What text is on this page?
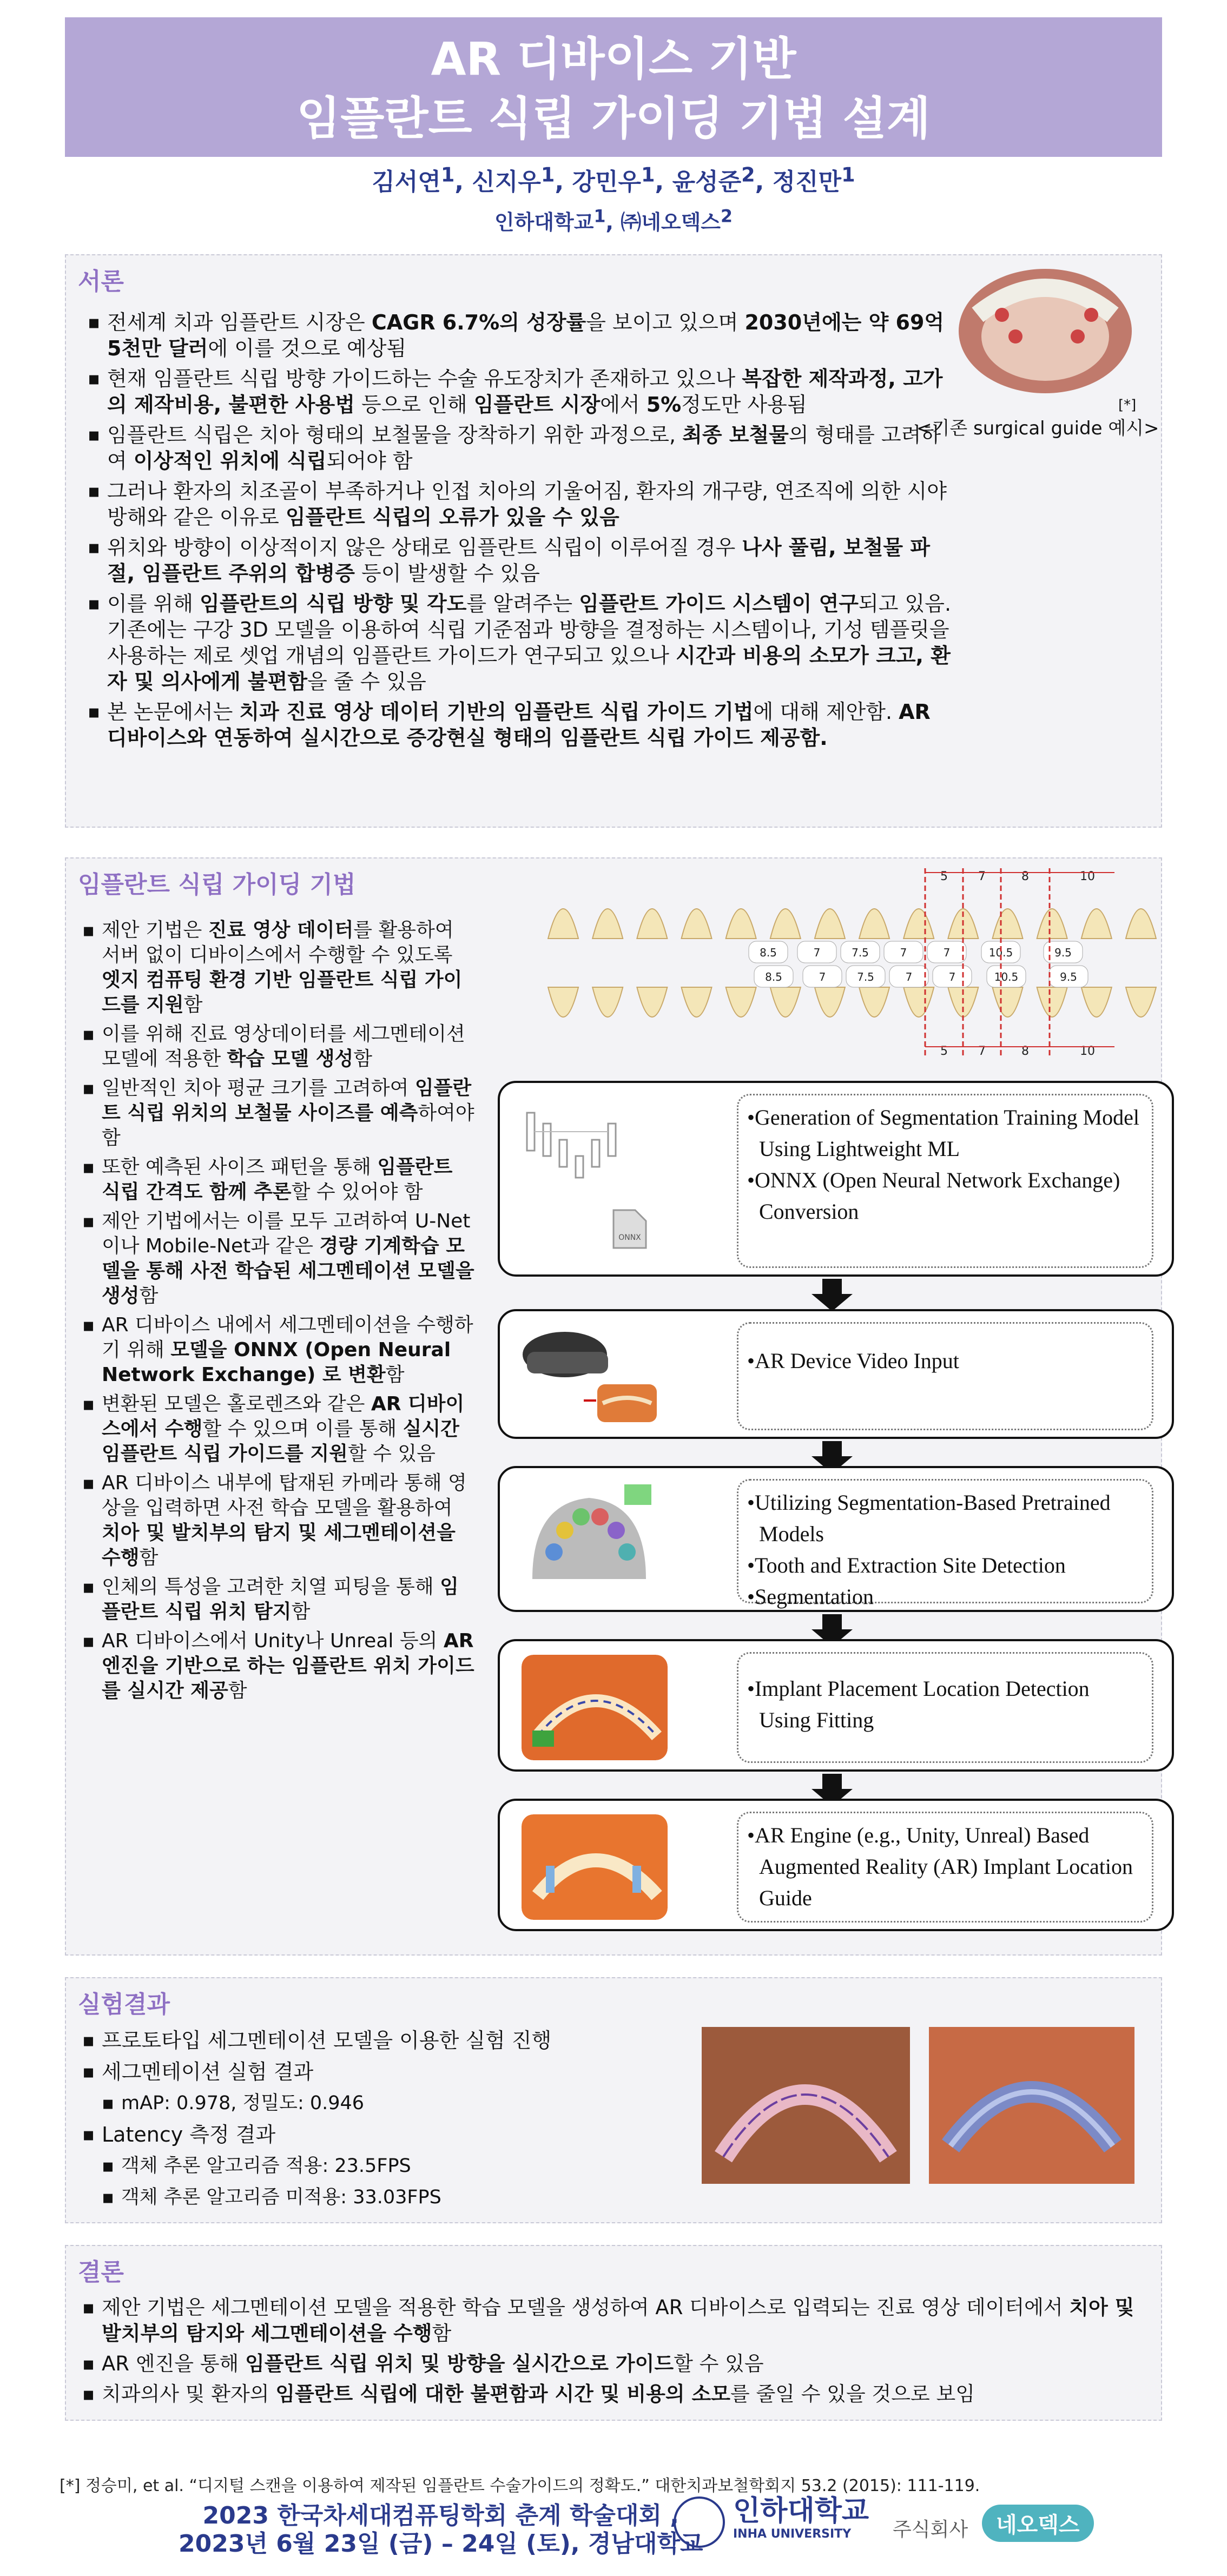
AR 디바이스 기반
임플란트 식립 가이딩 기법 설계
김서연$^1$, 신지우$^1$, 강민우$^1$, 윤성준$^2$, 정진만$^1$
인하대학교$^1$, ㈜네오덱스$^2$
서론
▪ 전세계 치과 임플란트 시장은 CAGR 6.7%의 성장률을 보이고 있으며 2030년에는 약 69억 5천만 달러에 이를 것으로 예상됨
▪ 현재 임플란트 식립 방향 가이드하는 수술 유도장치가 존재하고 있으나 복잡한 제작과정, 고가의 제작비용, 불편한 사용법 등으로 인해 임플란트 시장에서 5%정도만 사용됨
▪ 임플란트 식립은 치아 형태의 보철물을 장착하기 위한 과정으로, 최종 보철물의 형태를 고려하여 이상적인 위치에 식립되어야 함
▪ 그러나 환자의 치조골이 부족하거나 인접 치아의 기울어짐, 환자의 개구량, 연조직에 의한 시야 방해와 같은 이유로 임플란트 식립의 오류가 있을 수 있음
▪ 위치와 방향이 이상적이지 않은 상태로 임플란트 식립이 이루어질 경우 나사 풀림, 보철물 파절, 임플란트 주위의 합병증 등이 발생할 수 있음
▪ 이를 위해 임플란트의 식립 방향 및 각도를 알려주는 임플란트 가이드 시스템이 연구되고 있음. 기존에는 구강 3D 모델을 이용하여 식립 기준점과 방향을 결정하는 시스템이나, 기성 템플릿을 사용하는 제로 셋업 개념의 임플란트 가이드가 연구되고 있으나 시간과 비용의 소모가 크고, 환자 및 의사에게 불편함을 줄 수 있음
▪ 본 논문에서는 치과 진료 영상 데이터 기반의 임플란트 식립 가이드 기법에 대해 제안함. AR 디바이스와 연동하여 실시간으로 증강현실 형태의 임플란트 식립 가이드 제공함.
[*]
<기존 surgical guide 예시>
임플란트 식립 가이딩 기법
▪ 제안 기법은 진료 영상 데이터를 활용하여 서버 없이 디바이스에서 수행할 수 있도록 엣지 컴퓨팅 환경 기반 임플란트 식립 가이드를 지원함
▪ 이를 위해 진료 영상데이터를 세그멘테이션 모델에 적용한 학습 모델 생성함
▪ 일반적인 치아 평균 크기를 고려하여 임플란트 식립 위치의 보철물 사이즈를 예측하여야 함
▪ 또한 예측된 사이즈 패턴을 통해 임플란트 식립 간격도 함께 추론할 수 있어야 함
▪ 제안 기법에서는 이를 모두 고려하여 U-Net이나 Mobile-Net과 같은 경량 기계학습 모델을 통해 사전 학습된 세그멘테이션 모델을 생성함
▪ AR 디바이스 내에서 세그멘테이션을 수행하기 위해 모델을 ONNX (Open Neural Network Exchange) 로 변환함
▪ 변환된 모델은 홀로렌즈와 같은 AR 디바이스에서 수행할 수 있으며 이를 통해 실시간 임플란트 식립 가이드를 지원할 수 있음
▪ AR 디바이스 내부에 탑재된 카메라 통해 영상을 입력하면 사전 학습 모델을 활용하여 치아 및 발치부의 탐지 및 세그멘테이션을 수행함
▪ 인체의 특성을 고려한 치열 피팅을 통해 임플란트 식립 위치 탐지함
▪ AR 디바이스에서 Unity나 Unreal 등의 AR 엔진을 기반으로 하는 임플란트 위치 가이드를 실시간 제공함
8.5	7	7.5	7	7	10.5	9.5
8.5	7	7.5	7	7	10.5	9.5
5	7	8	10
5	7	8	10
ONNX
•Generation of Segmentation Training Model Using Lightweight ML
•ONNX (Open Neural Network Exchange) Conversion
•AR Device Video Input
•Utilizing Segmentation-Based Pretrained Models
•Tooth and Extraction Site Detection
•Segmentation
•Implant Placement Location Detection Using Fitting
•AR Engine (e.g., Unity, Unreal) Based Augmented Reality (AR) Implant Location Guide
실험결과
▪ 프로토타입 세그멘테이션 모델을 이용한 실험 진행
▪ 세그멘테이션 실험 결과
▪ mAP: 0.978, 정밀도: 0.946
▪ Latency 측정 결과
▪ 객체 추론 알고리즘 적용: 23.5FPS
▪ 객체 추론 알고리즘 미적용: 33.03FPS
결론
▪ 제안 기법은 세그멘테이션 모델을 적용한 학습 모델을 생성하여 AR 디바이스로 입력되는 진료 영상 데이터에서 치아 및 발치부의 탐지와 세그멘테이션을 수행함
▪ AR 엔진을 통해 임플란트 식립 위치 및 방향을 실시간으로 가이드할 수 있음
▪ 치과의사 및 환자의 임플란트 식립에 대한 불편함과 시간 및 비용의 소모를 줄일 수 있을 것으로 보임
[*] 정승미, et al. “디지털 스캔을 이용하여 제작된 임플란트 수술가이드의 정확도.” 대한치과보철학회지 53.2 (2015): 111-119.
2023 한국차세대컴퓨팅학회 춘계 학술대회 ,
2023년 6월 23일 (금) – 24일 (토), 경남대학교
인하대학교
INHA UNIVERSITY	주식회사	네오덱스
